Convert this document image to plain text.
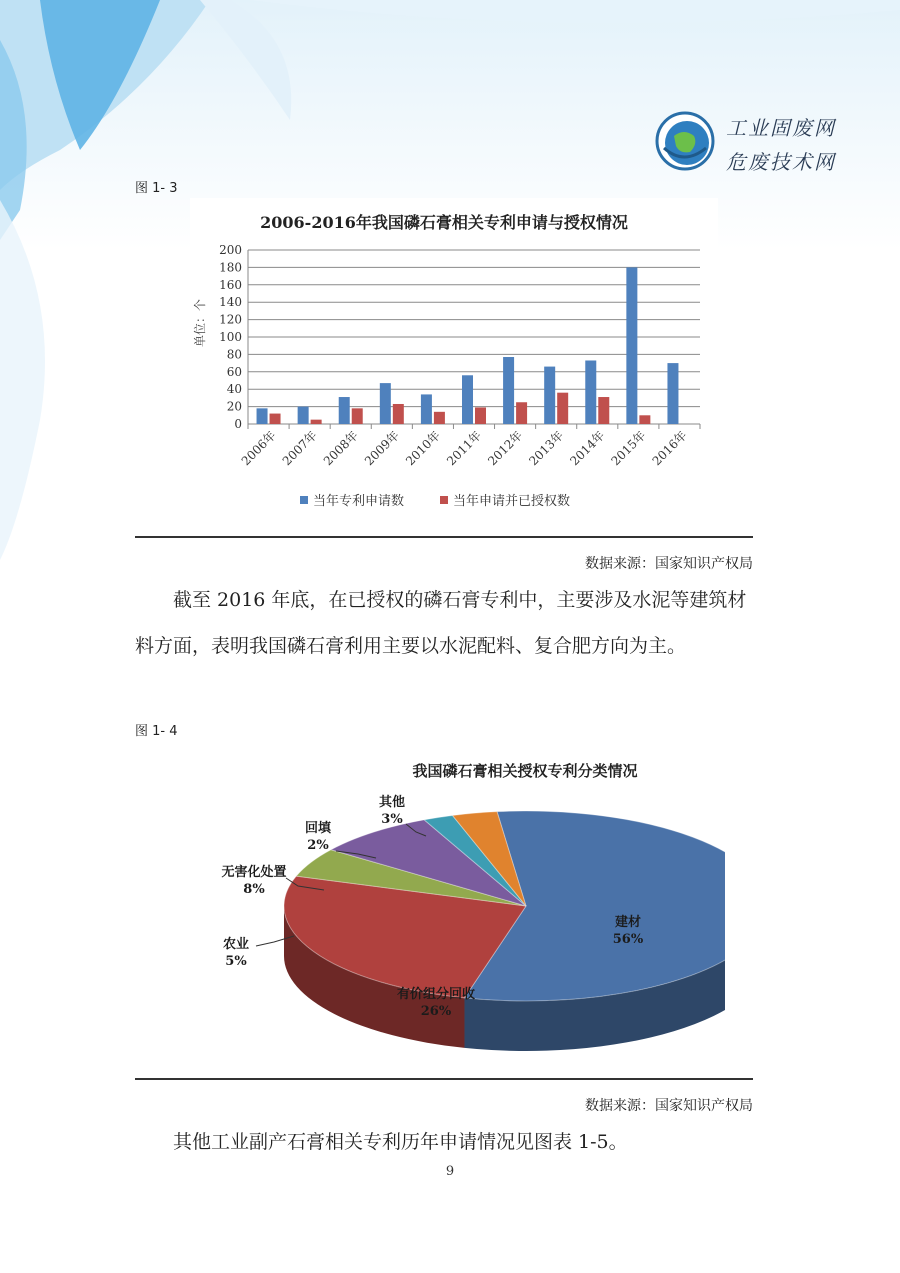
工业固废网
危废技术网
图 1- 3
2006-2016年我国磷石膏相关专利申请与授权情况
0
20
40
60
80
100
120
140
160
180
200
2006年 2007年 2008年 2009年 2010年 2011年 2012年 2013年 2014年 2015年 2016年
单位：个
当年专利申请数	当年申请并已授权数
数据来源：国家知识产权局

截至 2016 年底，在已授权的磷石膏专利中，主要涉及水泥等建筑材料方面，表明我国磷石膏利用主要以水泥配料、复合肥方向为主。

图 1- 4
我国磷石膏相关授权专利分类情况
建材
56%
有价组分回收
26%
农业
5%
无害化处置
8%
回填
2%
其他
3%
数据来源：国家知识产权局

其他工业副产石膏相关专利历年申请情况见图表 1-5。

9
